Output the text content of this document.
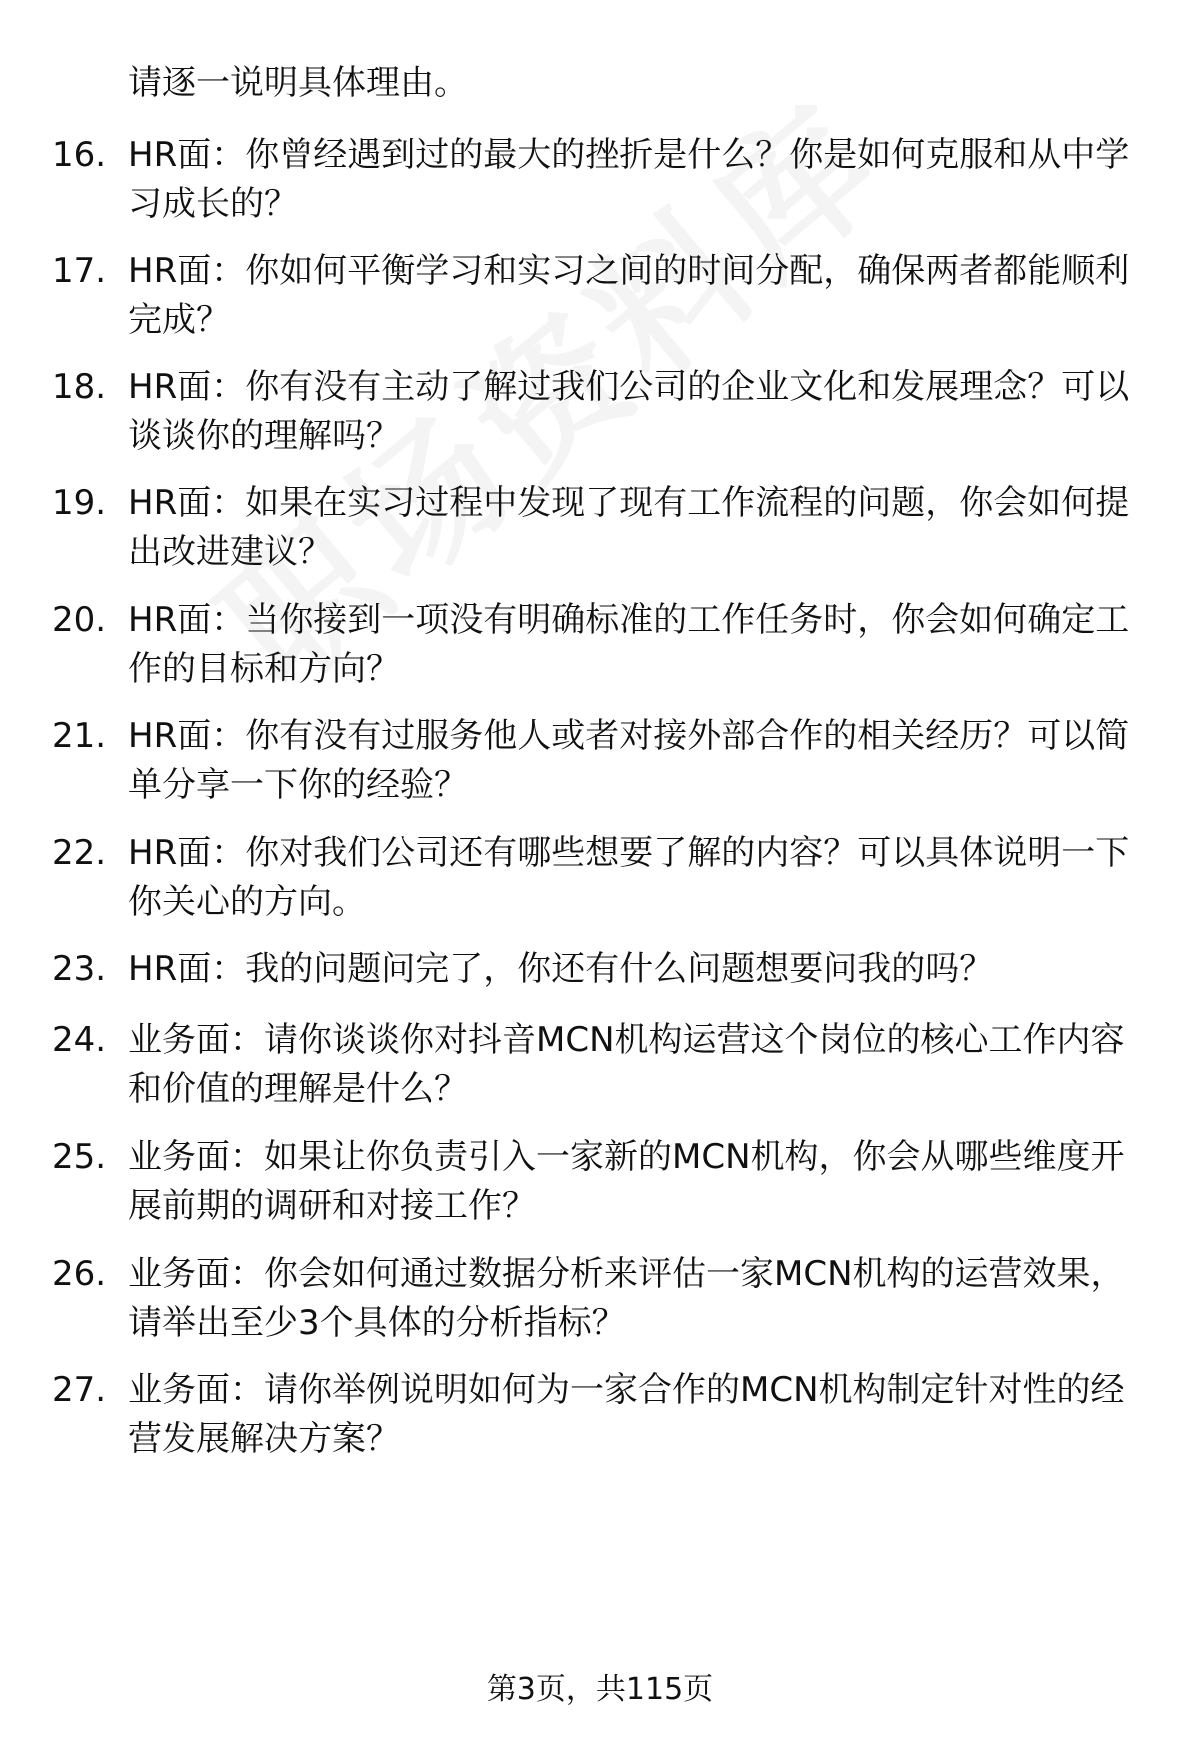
请逐一说明具体理由。
16. HR面：你曾经遇到过的最大的挫折是什么？你是如何克服和从中学习成长的？
17. HR面：你如何平衡学习和实习之间的时间分配，确保两者都能顺利完成？
18. HR面：你有没有主动了解过我们公司的企业文化和发展理念？可以谈谈你的理解吗？
19. HR面：如果在实习过程中发现了现有工作流程的问题，你会如何提出改进建议？
20. HR面：当你接到一项没有明确标准的工作任务时，你会如何确定工作的目标和方向？
21. HR面：你有没有过服务他人或者对接外部合作的相关经历？可以简单分享一下你的经验？
22. HR面：你对我们公司还有哪些想要了解的内容？可以具体说明一下你关心的方向。
23. HR面：我的问题问完了，你还有什么问题想要问我的吗？
24. 业务面：请你谈谈你对抖音MCN机构运营这个岗位的核心工作内容和价值的理解是什么？
25. 业务面：如果让你负责引入一家新的MCN机构，你会从哪些维度开展前期的调研和对接工作？
26. 业务面：你会如何通过数据分析来评估一家MCN机构的运营效果，请举出至少3个具体的分析指标？
27. 业务面：请你举例说明如何为一家合作的MCN机构制定针对性的经营发展解决方案？
第3页，共115页
